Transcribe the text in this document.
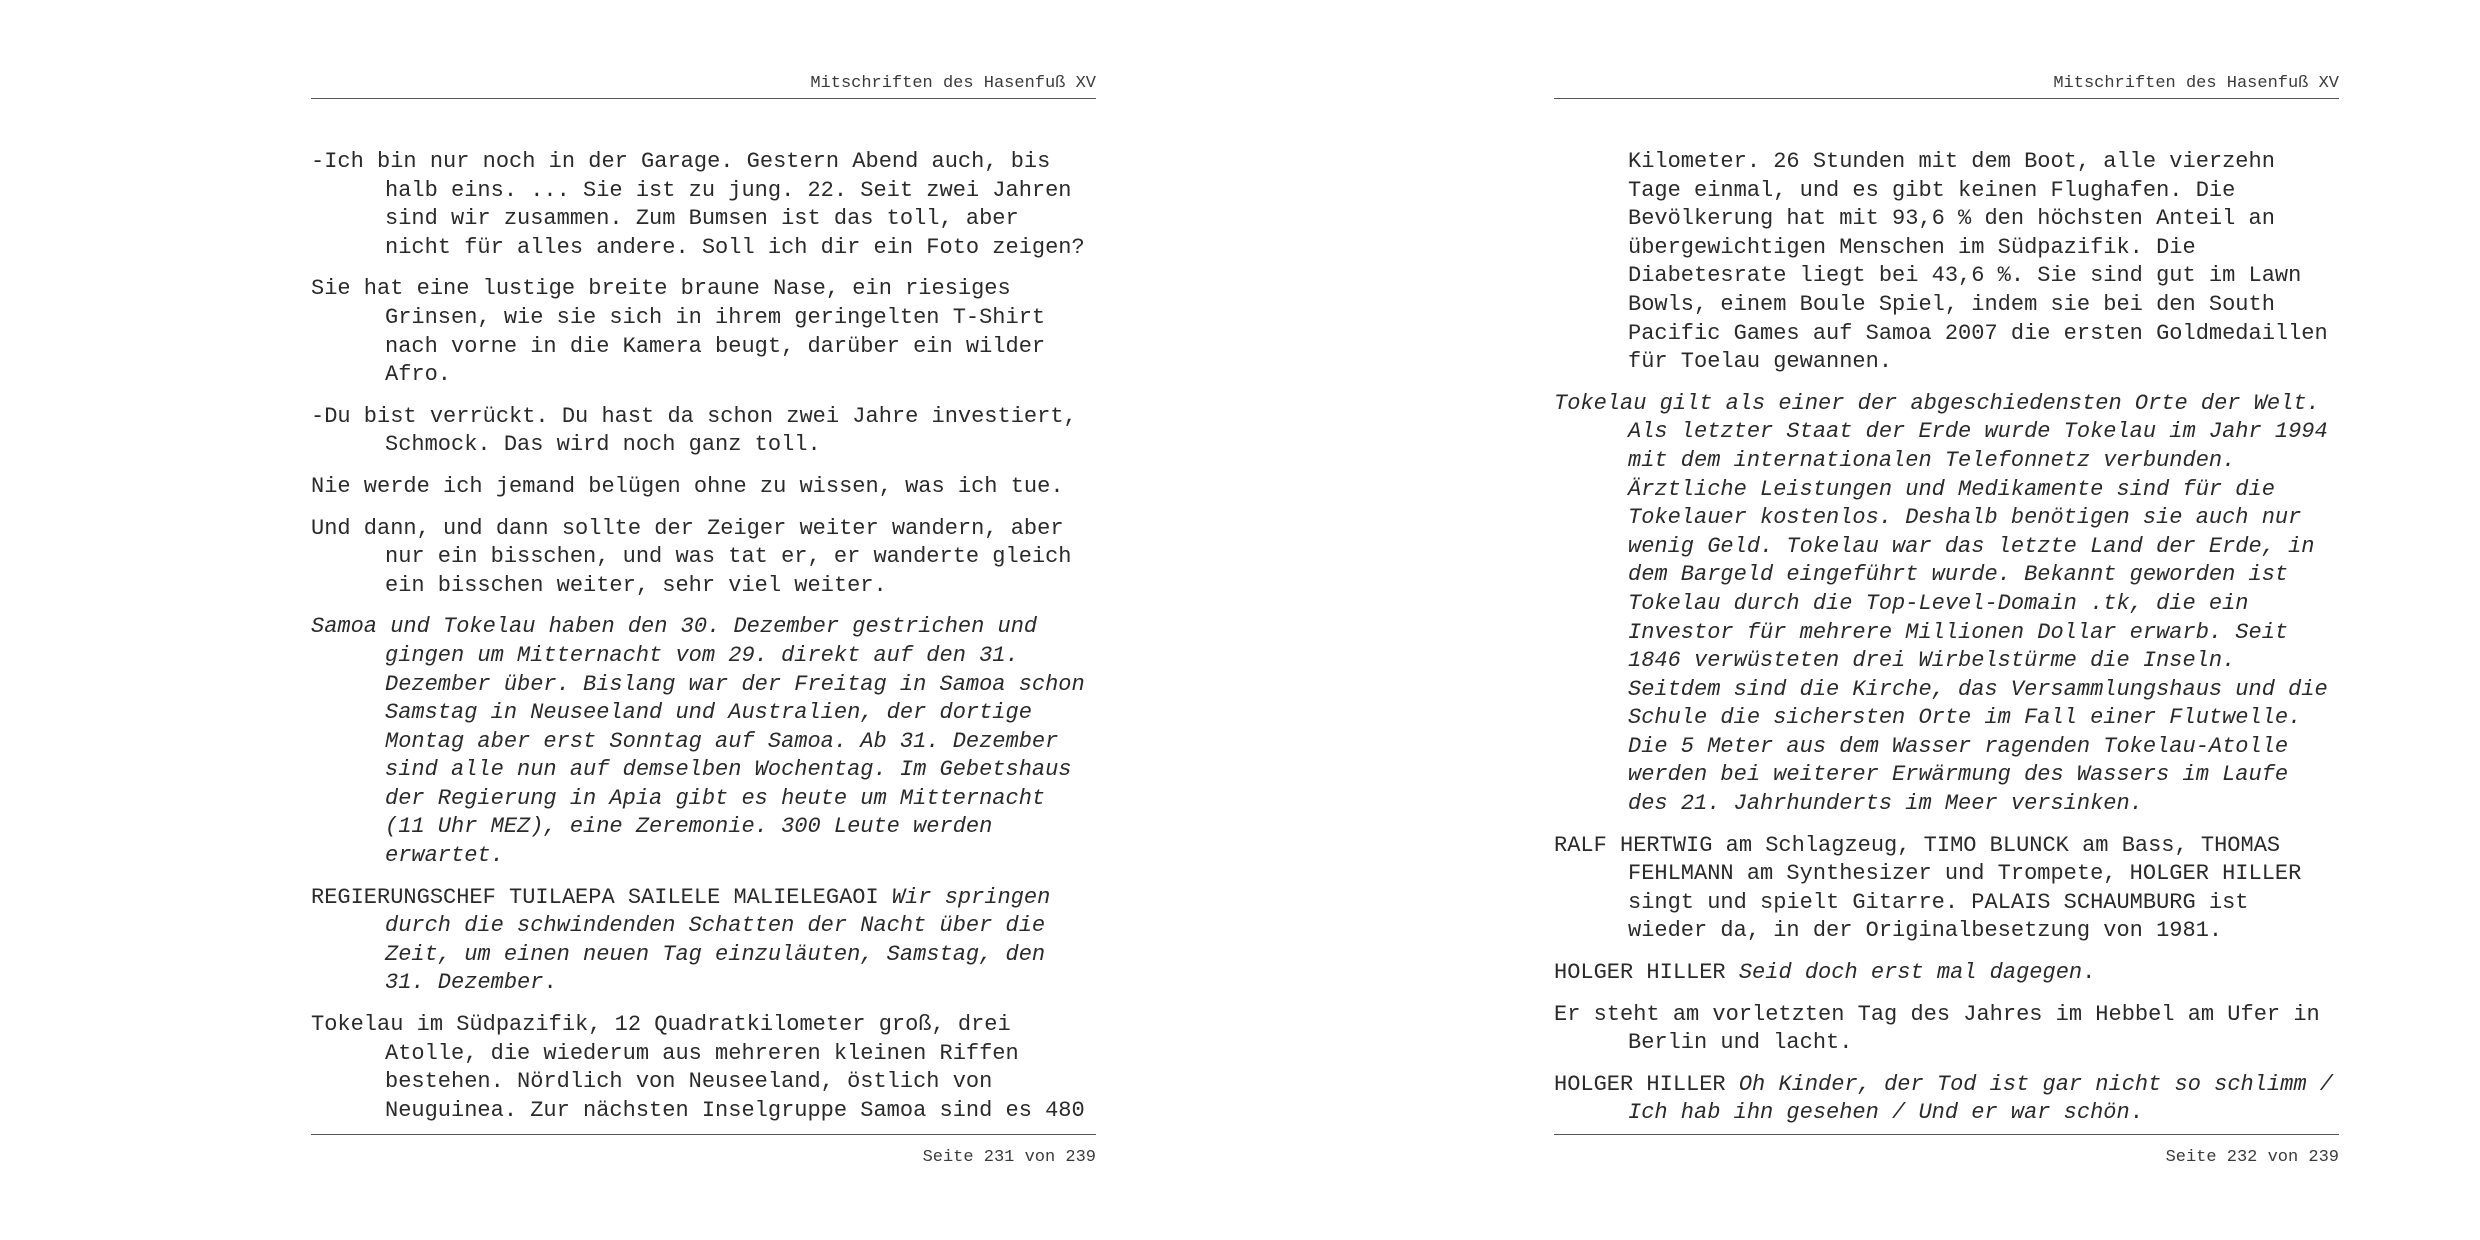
Mitschriften des Hasenfuß XV

-Ich bin nur noch in der Garage. Gestern Abend auch, bis halb eins. ... Sie ist zu jung. 22. Seit zwei Jahren sind wir zusammen. Zum Bumsen ist das toll, aber nicht für alles andere. Soll ich dir ein Foto zeigen?

Sie hat eine lustige breite braune Nase, ein riesiges Grinsen, wie sie sich in ihrem geringelten T-Shirt nach vorne in die Kamera beugt, darüber ein wilder Afro.

-Du bist verrückt. Du hast da schon zwei Jahre investiert, Schmock. Das wird noch ganz toll.

Nie werde ich jemand belügen ohne zu wissen, was ich tue.

Und dann, und dann sollte der Zeiger weiter wandern, aber nur ein bisschen, und was tat er, er wanderte gleich ein bisschen weiter, sehr viel weiter.

Samoa und Tokelau haben den 30. Dezember gestrichen und gingen um Mitternacht vom 29. direkt auf den 31. Dezember über. Bislang war der Freitag in Samoa schon Samstag in Neuseeland und Australien, der dortige Montag aber erst Sonntag auf Samoa. Ab 31. Dezember sind alle nun auf demselben Wochentag. Im Gebetshaus der Regierung in Apia gibt es heute um Mitternacht (11 Uhr MEZ), eine Zeremonie. 300 Leute werden erwartet.

REGIERUNGSCHEF TUILAEPA SAILELE MALIELEGAOI Wir springen durch die schwindenden Schatten der Nacht über die Zeit, um einen neuen Tag einzuläuten, Samstag, den 31. Dezember.

Tokelau im Südpazifik, 12 Quadratkilometer groß, drei Atolle, die wiederum aus mehreren kleinen Riffen bestehen. Nördlich von Neuseeland, östlich von Neuguinea. Zur nächsten Inselgruppe Samoa sind es 480

Seite 231 von 239
Mitschriften des Hasenfuß XV

Kilometer. 26 Stunden mit dem Boot, alle vierzehn Tage einmal, und es gibt keinen Flughafen. Die Bevölkerung hat mit 93,6 % den höchsten Anteil an übergewichtigen Menschen im Südpazifik. Die Diabetesrate liegt bei 43,6 %. Sie sind gut im Lawn Bowls, einem Boule Spiel, indem sie bei den South Pacific Games auf Samoa 2007 die ersten Goldmedaillen für Toelau gewannen.

Tokelau gilt als einer der abgeschiedensten Orte der Welt. Als letzter Staat der Erde wurde Tokelau im Jahr 1994 mit dem internationalen Telefonnetz verbunden. Ärztliche Leistungen und Medikamente sind für die Tokelauer kostenlos. Deshalb benötigen sie auch nur wenig Geld. Tokelau war das letzte Land der Erde, in dem Bargeld eingeführt wurde. Bekannt geworden ist Tokelau durch die Top-Level-Domain .tk, die ein Investor für mehrere Millionen Dollar erwarb. Seit 1846 verwüsteten drei Wirbelstürme die Inseln. Seitdem sind die Kirche, das Versammlungshaus und die Schule die sichersten Orte im Fall einer Flutwelle. Die 5 Meter aus dem Wasser ragenden Tokelau-Atolle werden bei weiterer Erwärmung des Wassers im Laufe des 21. Jahrhunderts im Meer versinken.

RALF HERTWIG am Schlagzeug, TIMO BLUNCK am Bass, THOMAS FEHLMANN am Synthesizer und Trompete, HOLGER HILLER singt und spielt Gitarre. PALAIS SCHAUMBURG ist wieder da, in der Originalbesetzung von 1981.

HOLGER HILLER Seid doch erst mal dagegen.

Er steht am vorletzten Tag des Jahres im Hebbel am Ufer in Berlin und lacht.

HOLGER HILLER Oh Kinder, der Tod ist gar nicht so schlimm / Ich hab ihn gesehen / Und er war schön.

Seite 232 von 239
